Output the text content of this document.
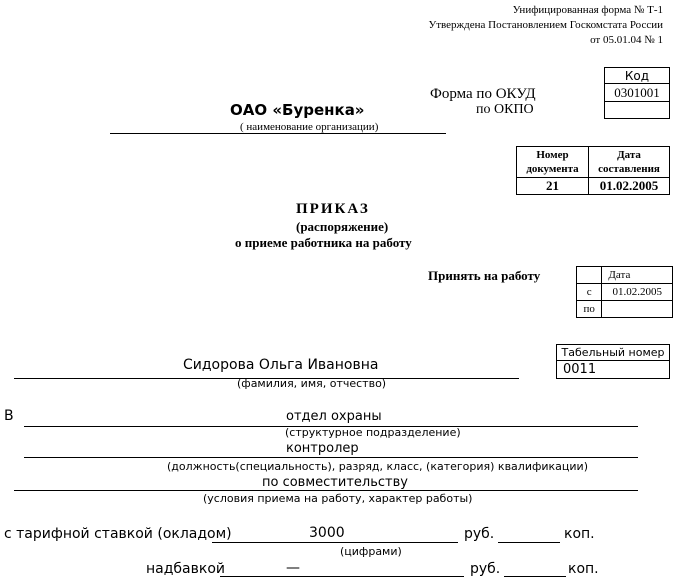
Унифицированная форма № Т-1
Утверждена Постановлением Госкомстата России
от 05.01.04 № 1
Код
0301001

Форма по ОКУД
по ОКПО
ОАО «Буренка»
( наименование организации)
Номер документа	Дата составления
21	01.02.2005
ПРИКАЗ
(распоряжение)
о приеме работника на работу
Принять на работу
		Дата
с	01.02.2005
по	
Табельный номер
0011
Сидорова Ольга Ивановна
(фамилия, имя, отчество)
В	отдел охраны
(структурное подразделение)
контролер
(должность(специальность), разряд, класс, (категория) квалификации)
по совместительству
(условия приема на работу, характер работы)
с тарифной ставкой (окладом)	3000	руб.	коп.
(цифрами)
надбавкой	—	руб.	коп.
